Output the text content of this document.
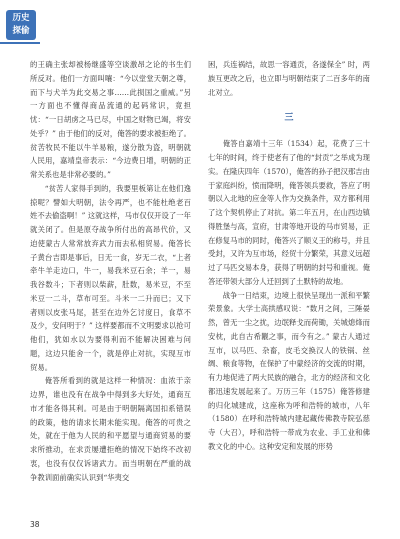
历史
探偷

的王确主张却被杨继盛等空谈激昂之论的书生们所反对。他们一方面叫嚷：“今以堂堂天朝之尊，而下与犬羊为此交易之事……此损国之重威。”另一方面也不懂得商品流通的起码常识，竟担忧：“一日胡虏之马已尽，中国之财物已竭，将安处乎？” 由于他们的反对，俺答的要求被拒绝了。贫苦牧民不能以牛羊易粮，遂分散为盗，明朝就人民用，嘉靖皇帝表示：“今边费日增，明朝的正常关系也是非常必要的。”

“贫苦人家得手到的，我要里板第让在他们逸掠呢？譬如大明朝，法令再严，也不能杜绝老百姓不去偷盗啊！” 这就这样，马市仅仅开设了一年就关闭了。但是原夺战争所付出的高昂代价，又迫使蒙古人常常放弃武力而去私相贸易。俺答长子黄台吉即是事后，日无一食，岁无二衣，“上者牵牛羊走边口，牛一，易我米豆石余；羊一，易我谷数斗；下者则以柴薪，肚数，易米豆，不至米豆一二斗，草布可至。斗米一二升而已；又下者则以皮张马尾，甚至在边外乞讨度日，食草不及少，安问明于？” 这样要都而不文明要求以抢可他们，犹如水以为要得利而不能解决困难与问题，这边只能舍一个，就是停止对抗，实现互市贸易。

俺答所看到的就是这样一种情况：血浓于亲边界，谁也没有在战争中得到多大好处，通商互市才能各得其利。可是由于明朝隔离国扣系错误的政策，他的请求长期未能实现。俺答的可贵之处，就在于他为人民的和平愿望与通商贸易的要求所推动，在求贡屡遭拒绝的情况下始终不改初衷，也没有仅仅诉诸武力。而当明朝在严重的战争教训面前确实认识到“华夷交

困，兵连祸结，故思一容通贡，各遂保全” 时，两族互更改之后，也立即与明朝结束了二百多年的南北对立。

三

俺答自嘉靖十三年（1534）起，花费了三十七年的时间，终于使老有了他的“封贡”之举成为现实。在隆庆四年（1570），俺答的孙子把汉那吉由于家庭纠纷，愤而降明，俺答领兵要救，答应了明朝以入北地的应金等人作为交换条件，双方都利用了这个契机停止了对抗。第二年五月，在山西边镇得胜堡与高，宣府，甘肃等地开设的马市贸易，正在修复马市的同时，俺答兴了顺义王的称号，并且受封，又许为互市场，经贸十分繁荣，其意义远超过了马匹交易本身，获得了明朝的封号和重视。俺答还带领大部分人迁回到了土默特的故地。

战争一日结束，边境上很快呈现出一派和平繁荣景象。大学士高拱感叹说：“数月之间，三陲晏然，曾无一尘之扰，边氓释戈而荷锄，关城熄烽而安枕，此自古希觏之事，而今有之。” 蒙古人通过互市，以马匹、杂畜，皮毛交换汉人的铁锅、丝绸、粮食等物，在保护了中蒙经济的交流的时期，有力地促进了两大民族的融合，北方的经济和文化都迅速发展起来了。万历三年（1575）俺答修建的归化城建成，这座称为呼和浩特的城市，八年（1580）在呼和浩特城内建起藏传佛教寺院弘慈寺（大召），呼和浩特一带成为农业、手工业和佛教文化的中心。这种安定和发展的形势

38
